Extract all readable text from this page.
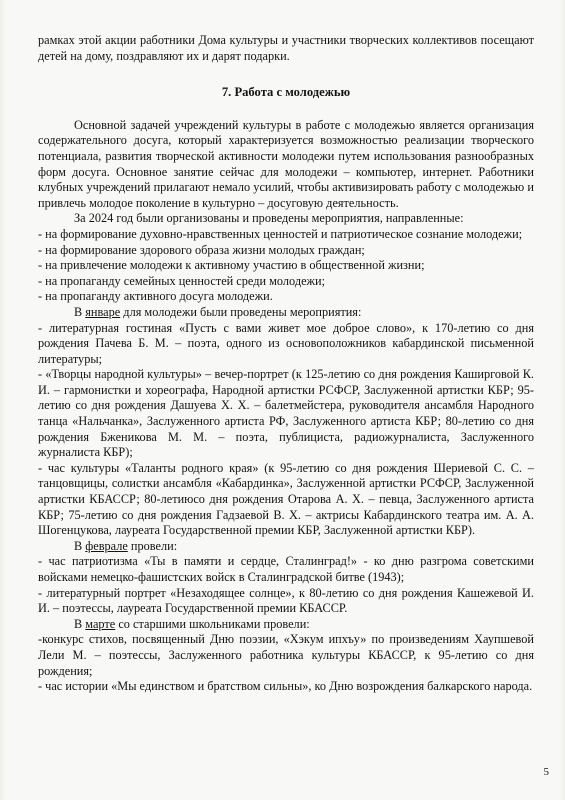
рамках этой акции работники Дома культуры и участники творческих коллективов посещают детей на дому, поздравляют их и дарят подарки.

7. Работа с молодежью

Основной задачей учреждений культуры в работе с молодежью является организация содержательного досуга, который характеризуется возможностью реализации творческого потенциала, развития творческой активности молодежи путем использования разнообразных форм досуга. Основное занятие сейчас для молодежи – компьютер, интернет. Работники клубных учреждений прилагают немало усилий, чтобы активизировать работу с молодежью и привлечь молодое поколение в культурно – досуговую деятельность.

За 2024 год были организованы и проведены мероприятия, направленные:

- на формирование духовно-нравственных ценностей и патриотическое сознание молодежи;

- на формирование здорового образа жизни молодых граждан;

- на привлечение молодежи к активному участию в общественной жизни;

- на пропаганду семейных ценностей среди молодежи;

- на пропаганду активного досуга молодежи.

В январе для молодежи были проведены мероприятия:

- литературная гостиная «Пусть с вами живет мое доброе слово», к 170-летию со дня рождения Пачева Б. М. – поэта, одного из основоположников кабардинской письменной литературы;

- «Творцы народной культуры» – вечер-портрет (к 125-летию со дня рождения Каширговой К. И. – гармонистки и хореографа, Народной артистки РСФСР, Заслуженной артистки КБР; 95-летию со дня рождения Дашуева Х. Х. – балетмейстера, руководителя ансамбля Народного танца «Нальчанка», Заслуженного артиста РФ, Заслуженного артиста КБР; 80-летию со дня рождения Бженикова М. М. – поэта, публициста, радиожурналиста, Заслуженного журналиста КБР);

- час культуры «Таланты родного края» (к 95-летию со дня рождения Шериевой С. С. – танцовщицы, солистки ансамбля «Кабардинка», Заслуженной артистки РСФСР, Заслуженной артистки КБАССР; 80-летиюсо дня рождения Отарова А. Х. – певца, Заслуженного артиста КБР; 75-летию со дня рождения Гадзаевой В. Х. – актрисы Кабардинского театра им. А. А. Шогенцукова, лауреата Государственной премии КБР, Заслуженной артистки КБР).

В феврале провели:

- час патриотизма «Ты в памяти и сердце, Сталинград!» - ко дню разгрома советскими войсками немецко-фашистских войск в Сталинградской битве (1943);

- литературный портрет «Незаходящее солнце», к 80-летию со дня рождения Кашежевой И. И. – поэтессы, лауреата Государственной премии КБАССР.

В марте со старшими школьниками провели:

-конкурс стихов, посвященный Дню поэзии, «Хэкум ипхъу» по произведениям Хаупшевой Лели М. – поэтессы, Заслуженного работника культуры КБАССР, к 95-летию со дня рождения;

- час истории «Мы единством и братством сильны», ко Дню возрождения балкарского народа.

5
